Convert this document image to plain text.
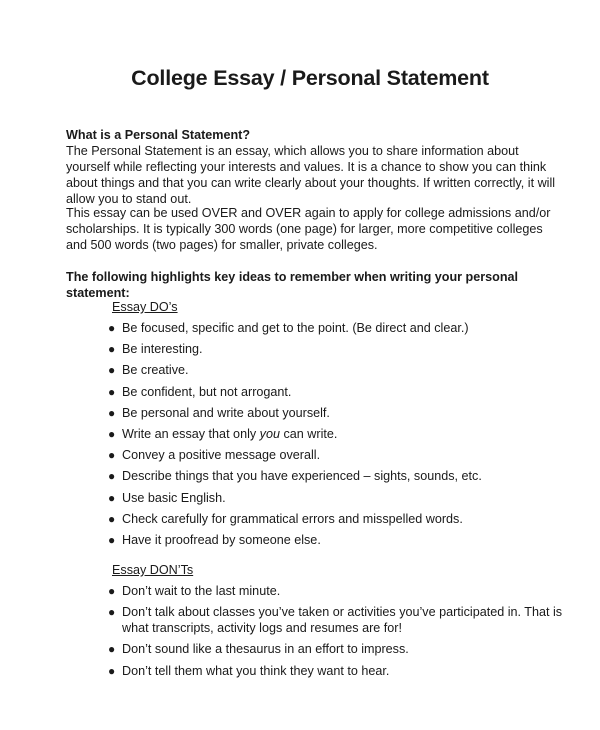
College Essay / Personal Statement

What is a Personal Statement?

The Personal Statement is an essay, which allows you to share information about yourself while reflecting your interests and values. It is a chance to show you can think about things and that you can write clearly about your thoughts. If written correctly, it will allow you to stand out.

This essay can be used OVER and OVER again to apply for college admissions and/or scholarships. It is typically 300 words (one page) for larger, more competitive colleges and 500 words (two pages) for smaller, private colleges.

The following highlights key ideas to remember when writing your personal statement:

Essay DO’s

● Be focused, specific and get to the point. (Be direct and clear.)
● Be interesting.
● Be creative.
● Be confident, but not arrogant.
● Be personal and write about yourself.
● Write an essay that only you can write.
● Convey a positive message overall.
● Describe things that you have experienced – sights, sounds, etc.
● Use basic English.
● Check carefully for grammatical errors and misspelled words.
● Have it proofread by someone else.

Essay DON’Ts

● Don’t wait to the last minute.
● Don’t talk about classes you’ve taken or activities you’ve participated in. That is what transcripts, activity logs and resumes are for!
● Don’t sound like a thesaurus in an effort to impress.
● Don’t tell them what you think they want to hear.
